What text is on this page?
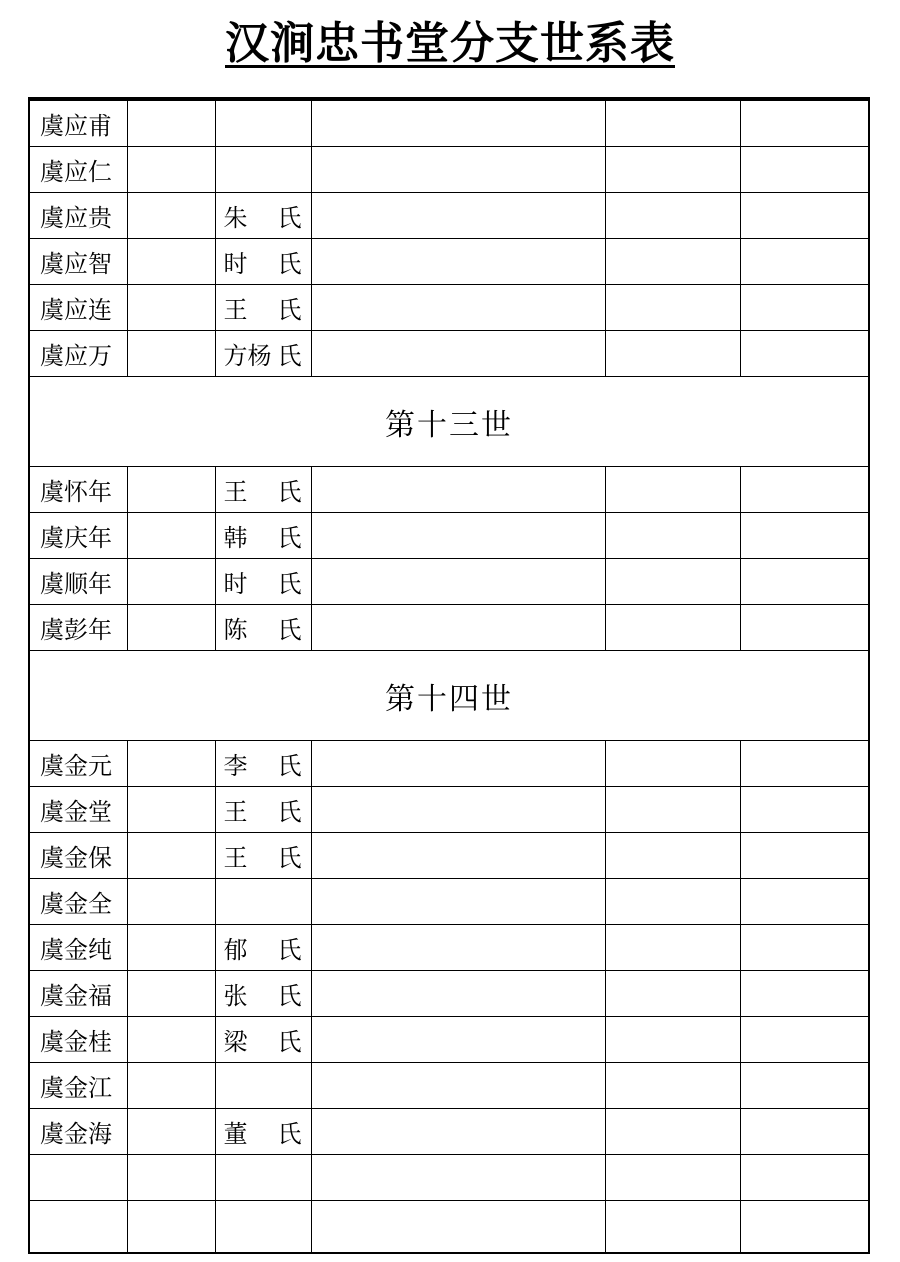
汉涧忠书堂分支世系表
虞应甫		

虞应仁		

虞应贵		朱 氏			

虞应智		时 氏			

虞应连		王 氏			

虞应万		方杨 氏			

第十三世					
虞怀年		王 氏			

虞庆年		韩 氏			

虞顺年		时 氏			

虞彭年		陈 氏			

第十四世					
虞金元		李 氏			

虞金堂		王 氏			

虞金保		王 氏			

虞金全		

虞金纯		郁 氏			

虞金福		张 氏			

虞金桂		梁 氏			

虞金江		

虞金海		董 氏			
